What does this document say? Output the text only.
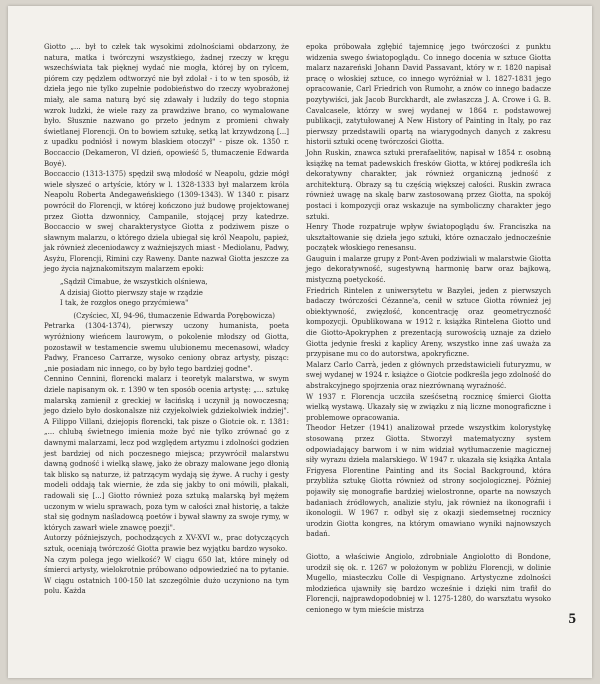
Giotto „... był to człek tak wysokimi zdolnościami obdarzony, że natura, matka i twórczyni wszystkiego, żadnej rzeczy w kręgu wszechświata tak pięknej wydać nie mogła, której by on rylcem, piórem czy pędzlem odtworzyć nie był zdolał - i to w ten sposób, iż dzieła jego nie tylko zupełnie podobieństwo do rzeczy wyobrażonej miały, ale sama naturą być się zdawały i ludzily do tego stopnia wzrok ludzki, że wiele razy za prawdziwe brano, co wymalowane było. Słusznie nazwano go przeto jednym z promieni chwały świetlanej Florencji. On to bowiem sztukę, setką lat krzywdzoną [...] z upadku podniósł i nowym blaskiem otoczył" - pisze ok. 1350 r. Boccaccio (Dekameron, VI dzień, opowieść 5, tłumaczenie Edwarda Boyé).

Boccaccio (1313-1375) spędził swą młodość w Neapolu, gdzie mógł wiele słyszeć o artyście, który w l. 1328-1333 był malarzem króla Neapolu Roberta Andegaweńskiego (1309-1343). W 1340 r. pisarz powrócił do Florencji, w której kończono już budowę projektowanej przez Giotta dzwonnicy, Campanile, stojącej przy katedrze. Boccaccio w swej charakterystyce Giotta z podziwem pisze o sławnym malarzu, o którego dziela ubiegał się król Neapolu, papież, jak również zleceniodawcy z ważniejszych miast - Mediolanu, Padwy, Asyżu, Florencji, Rimini czy Raweny. Dante nazwał Giotta jeszcze za jego życia najznakomitszym malarzem epoki:

„Sądził Cimabue, że wszystkich olśniewa,
A dzisiaj Giotto pierwszy staje w rządzie
I tak, że rozgłos onego przyćmiewa"
(Czyściec, XI, 94-96, tłumaczenie Edwarda Porębowicza)

Petrarka (1304-1374), pierwszy uczony humanista, poeta wyróżniony wieńcem laurowym, o pokolenie młodszy od Giotta, pozostawił w testamencie swemu ulubionemu mecenasowi, władcy Padwy, Franceso Carrarze, wysoko ceniony obraz artysty, pisząc: „nie posiadam nic innego, co by było tego bardziej godne".

Cennino Cennini, florencki malarz i teoretyk malarstwa, w swym dziele napisanym ok. r. 1390 w ten sposób ocenia artystę: „... sztukę malarską zamienił z greckiej w łacińską i uczynił ją nowoczesną; jego dzieło było doskonalsze niż czyjekolwiek gdziekolwiek indziej". A Filippo Villani, dziejopis florencki, tak pisze o Giotcie ok. r. 1381: „... chlubą świetnego imienia może być nie tylko zrównać go z dawnymi malarzami, lecz pod względem artyzmu i zdolności godzien jest bardziej od nich poczesnego miejsca; przywrócił malarstwu dawną godność i wielką sławę, jako że obrazy malowane jego dłonią tak blisko są naturze, iż patrzącym wydają się żywe. A ruchy i gesty modeli oddają tak wiernie, że zda się jakby to oni mówili, płakali, radowali się [...] Giotto również poza sztuką malarską był mężem uczonym w wielu sprawach, poza tym w całości znał historię, a także stał się godnym naśladowcą poetów i bywał sławny za swoje rymy, w których zawarł wiele znawcę poezji".

Autorzy późniejszych, pochodzących z XV-XVI w., prac dotyczących sztuk, oceniają twórczość Giotta prawie bez wyjątku bardzo wysoko.

Na czym polega jego wielkość? W ciągu 650 lat, które minęły od śmierci artysty, wielokrotnie próbowano odpowiedzieć na to pytanie. W ciągu ostatnich 100-150 lat szczególnie dużo uczyniono na tym polu. Każda

epoka próbowała zgłębić tajemnicę jego twórczości z punktu widzenia swego światopoglądu. Co innego docenia w sztuce Giotta malarz nazareński Johann David Passavant, który w r. 1820 napisał pracę o włoskiej sztuce, co innego wyróżniał w l. 1827-1831 jego opracowanie, Carl Friedrich von Rumohr, a znów co innego badacze pozytywiści, jak Jacob Burckhardt, ale zwłaszcza J. A. Crowe i G. B. Cavalcasele, którzy w swej wydanej w 1864 r. podstawowej publikacji, zatytułowanej A New History of Painting in Italy, po raz pierwszy przedstawili opartą na wiarygodnych danych z zakresu historii sztuki ocenę twórczości Giotta.

John Ruskin, znawca sztuki prerafaelitów, napisał w 1854 r. osobną książkę na temat padewskich fresków Giotta, w której podkreśla ich dekoratywny charakter, jak również organiczną jedność z architekturą. Obrazy są tu częścią większej całości. Ruskin zwraca również uwagę na skalę barw zastosowaną przez Giotta, na spokój postaci i kompozycji oraz wskazuje na symboliczny charakter jego sztuki.

Henry Thode rozpatruje wpływ światopoglądu św. Franciszka na ukształtowanie się dzieła jego sztuki, które oznaczało jednocześnie początek włoskiego renesansu.

Gauguin i malarze grupy z Pont-Aven podziwiali w malarstwie Giotta jego dekoratywność, sugestywną harmonię barw oraz bajkową, mistyczną poetyckość.

Friedrich Rintelen z uniwersytetu w Bazylei, jeden z pierwszych badaczy twórczości Cézanne'a, cenił w sztuce Giotta również jej obiektywność, zwięzłość, koncentrację oraz geometryczność kompozycji. Opublikowana w 1912 r. książka Rintelena Giotto und die Giotto-Apokryphen z prezentacją surowością uznaje za dzieło Giotta jedynie freski z kaplicy Areny, wszystko inne zaś uważa za przypisane mu co do autorstwa, apokryficzne.

Malarz Carlo Carrà, jeden z głównych przedstawicieli futuryzmu, w swej wydanej w 1924 r. książce o Giotcie podkreśla jego zdolność do abstrakcyjnego spojrzenia oraz niezrównaną wyraźność.

W 1937 r. Florencja uczciła sześćsetną rocznicę śmierci Giotta wielką wystawą. Ukazały się w związku z nią liczne monograficzne i problemowe opracowania.

Theodor Hetzer (1941) analizował przede wszystkim kolorystykę stosowaną przez Giotta. Stworzył matematyczny system odpowiadający barwom i w nim widział wytłumaczenie magicznej siły wyrazu dzieła malarskiego. W 1947 r. ukazała się książka Antala Frigyesa Florentine Painting and its Social Background, która przybliża sztukę Giotta również od strony socjologicznej. Później pojawiły się monografie bardziej wielostronne, oparte na nowszych badaniach źródłowych, analizie stylu, jak również na ikonografii i ikonologii. W 1967 r. odbył się z okazji siedemsetnej rocznicy urodzin Giotta kongres, na którym omawiano wyniki najnowszych badań.

Giotto, a właściwie Angiolo, zdrobniale Angiolotto di Bondone, urodził się ok. r. 1267 w położonym w pobliżu Florencji, w dolinie Mugello, miasteczku Colle di Vespignano. Artystyczne zdolności młodzieńca ujawniły się bardzo wcześnie i dzięki nim trafił do Florencji, najprawdopodobniej w l. 1275-1280, do warsztatu wysoko cenionego w tym mieście mistrza

5
